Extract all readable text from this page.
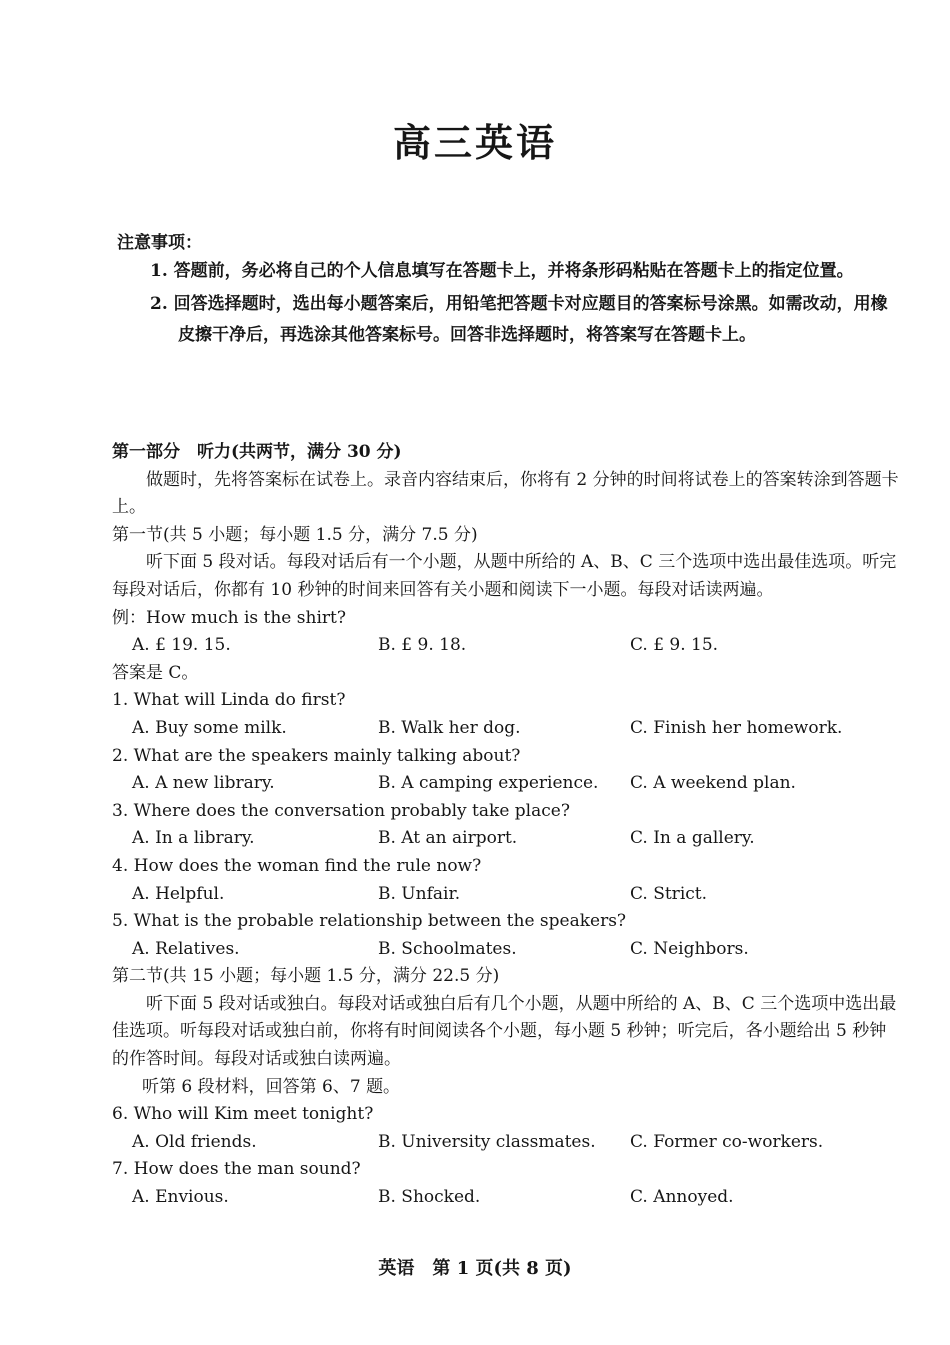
高三英语
注意事项：
1. 答题前，务必将自己的个人信息填写在答题卡上，并将条形码粘贴在答题卡上的指定位置。
2. 回答选择题时，选出每小题答案后，用铅笔把答题卡对应题目的答案标号涂黑。如需改动，用橡皮擦干净后，再选涂其他答案标号。回答非选择题时，将答案写在答题卡上。
第一部分　听力(共两节，满分 30 分)
做题时，先将答案标在试卷上。录音内容结束后，你将有 2 分钟的时间将试卷上的答案转涂到答题卡上。
第一节(共 5 小题；每小题 1.5 分，满分 7.5 分)
听下面 5 段对话。每段对话后有一个小题，从题中所给的 A、B、C 三个选项中选出最佳选项。听完每段对话后，你都有 10 秒钟的时间来回答有关小题和阅读下一小题。每段对话读两遍。
例：How much is the shirt?
A. £ 19. 15.	B. £ 9. 18.	C. £ 9. 15.
答案是 C。
1. What will Linda do first?
A. Buy some milk.	B. Walk her dog.	C. Finish her homework.
2. What are the speakers mainly talking about?
A. A new library.	B. A camping experience. C. A weekend plan.
3. Where does the conversation probably take place?
A. In a library.	B. At an airport.	C. In a gallery.
4. How does the woman find the rule now?
A. Helpful.	B. Unfair.	C. Strict.
5. What is the probable relationship between the speakers?
A. Relatives.	B. Schoolmates.	C. Neighbors.
第二节(共 15 小题；每小题 1.5 分，满分 22.5 分)
听下面 5 段对话或独白。每段对话或独白后有几个小题，从题中所给的 A、B、C 三个选项中选出最佳选项。听每段对话或独白前，你将有时间阅读各个小题，每小题 5 秒钟；听完后，各小题给出 5 秒钟的作答时间。每段对话或独白读两遍。
听第 6 段材料，回答第 6、7 题。
6. Who will Kim meet tonight?
A. Old friends.	B. University classmates. C. Former co-workers.
7. How does the man sound?
A. Envious.	B. Shocked.	C. Annoyed.
英语　第 1 页(共 8 页)
